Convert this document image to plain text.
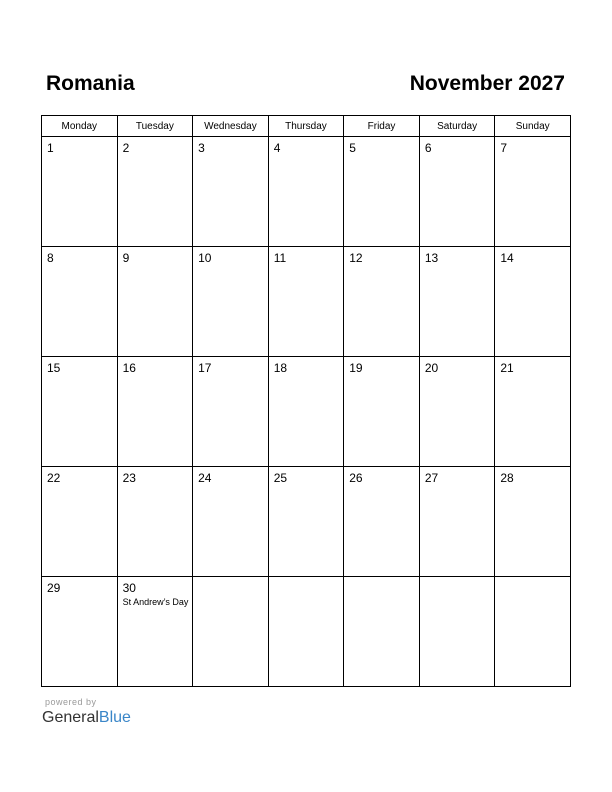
Romania	November 2027
Monday	Tuesday	Wednesday	Thursday	Friday	Saturday	Sunday

1	2	3	4	5	6	7

8	9	10	11	12	13	14

15	16	17	18	19	20	21

22	23	24	25	26	27	28

29	30
St Andrew’s Day					

powered by
GeneralBlue
